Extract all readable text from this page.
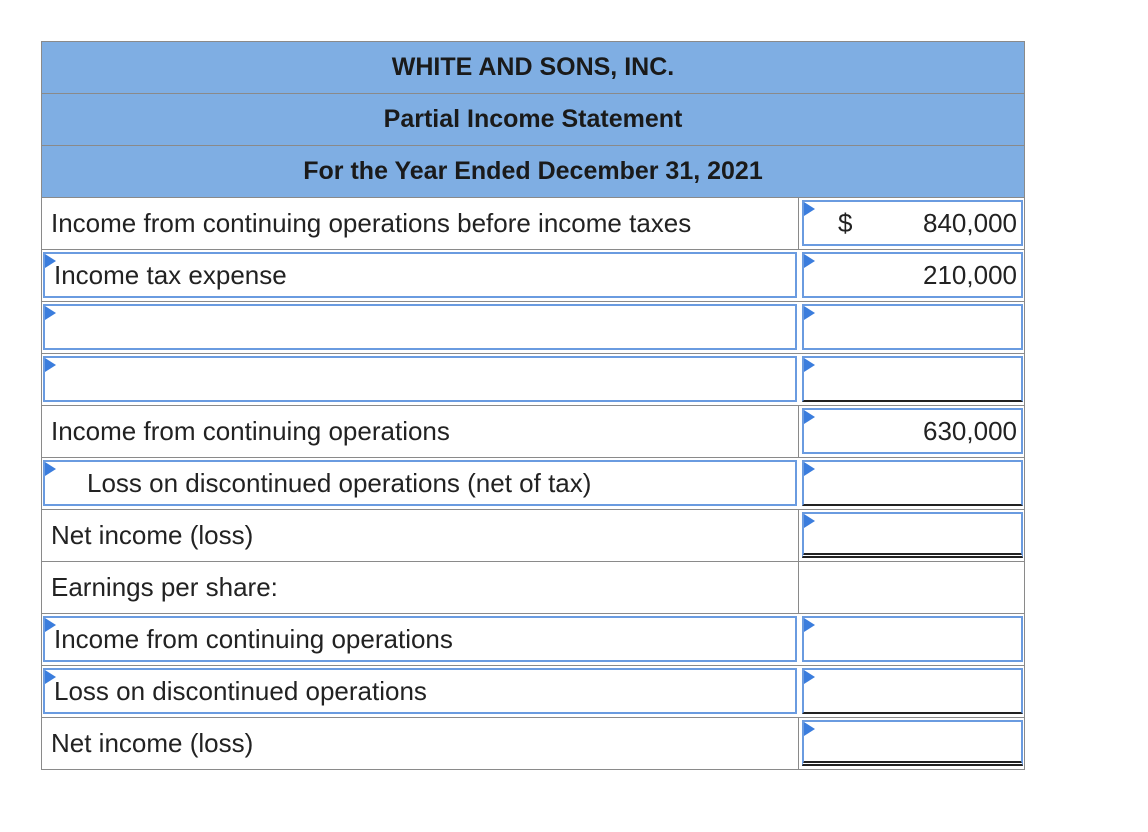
WHITE AND SONS, INC.
Partial Income Statement
For the Year Ended December 31, 2021
Income from continuing operations before income taxes	$	840,000
Income tax expense	210,000
Income from continuing operations	630,000
Loss on discontinued operations (net of tax)
Net income (loss)
Earnings per share:
Income from continuing operations
Loss on discontinued operations
Net income (loss)
